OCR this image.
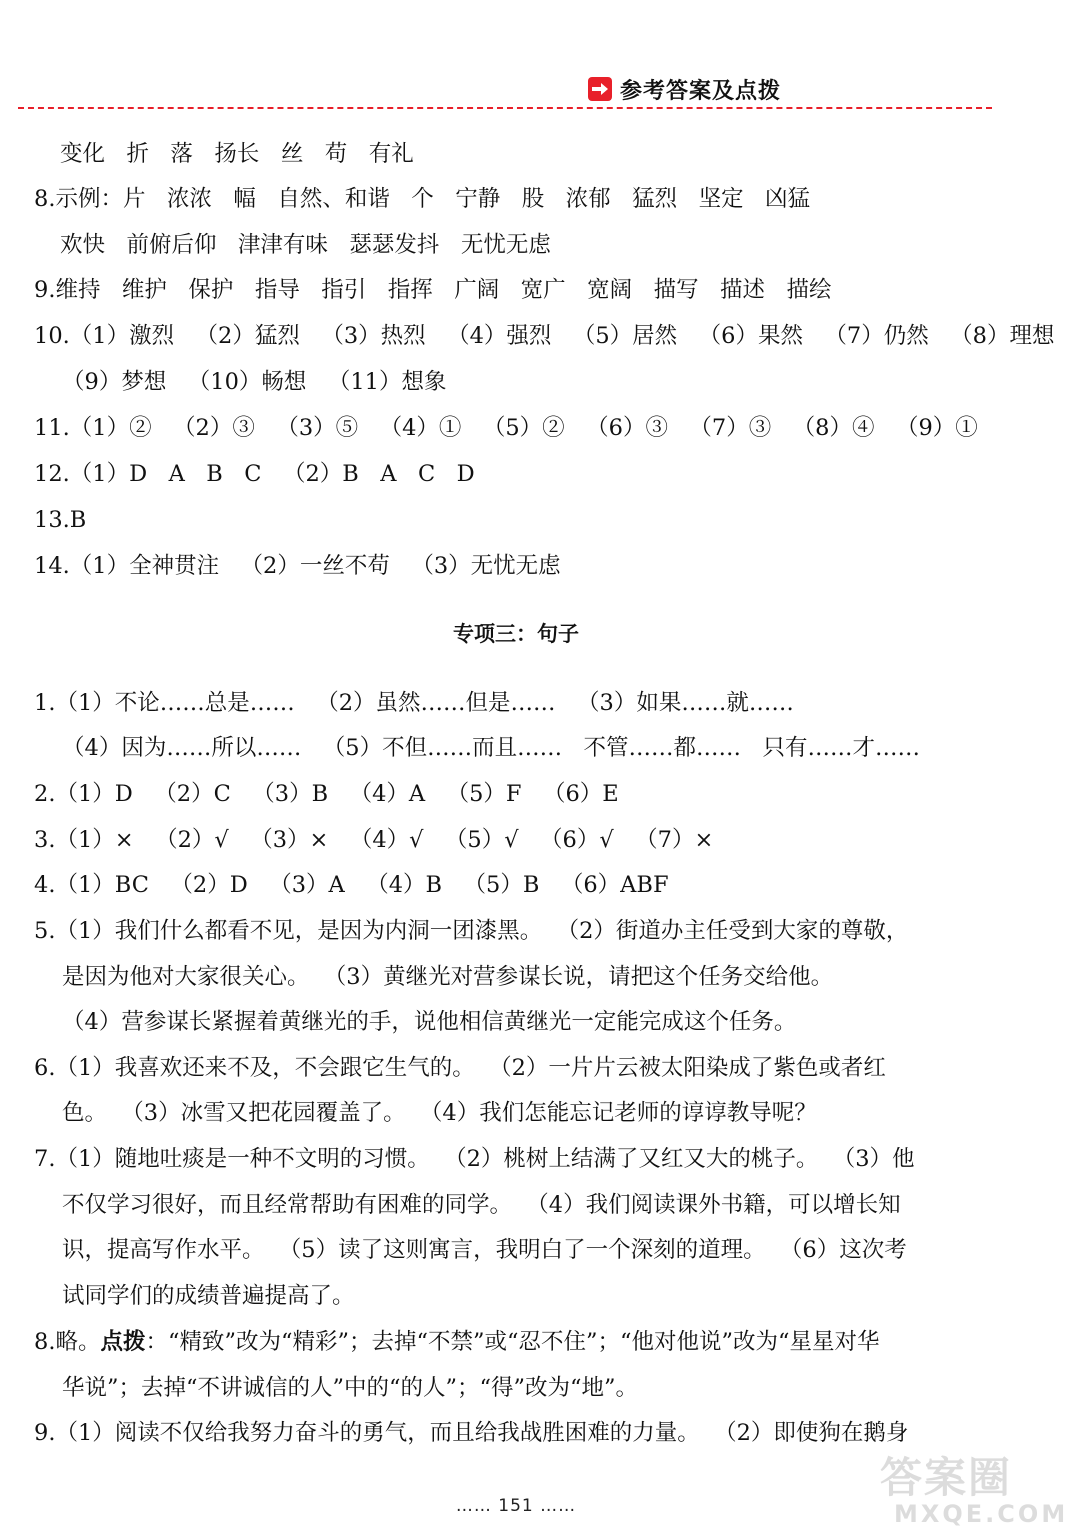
参考答案及点拨
变化   折   落   扬长   丝   苟   有礼
8.示例：片   浓浓   幅   自然、和谐   个   宁静   股   浓郁   猛烈   坚定   凶猛
欢快   前俯后仰   津津有味   瑟瑟发抖   无忧无虑
9.维持   维护   保护   指导   指引   指挥   广阔   宽广   宽阔   描写   描述   描绘
10.（1）激烈   （2）猛烈   （3）热烈   （4）强烈   （5）居然   （6）果然   （7）仍然   （8）理想
（9）梦想   （10）畅想   （11）想象
11.（1）②   （2）③   （3）⑤   （4）①   （5）②   （6）③   （7）③   （8）④   （9）①
12.（1）D   A   B   C   （2）B   A   C   D
13.B
14.（1）全神贯注   （2）一丝不苟   （3）无忧无虑
专项三：句子
1.（1）不论……总是……   （2）虽然……但是……   （3）如果……就……
（4）因为……所以……   （5）不但……而且……   不管……都……   只有……才……
2.（1）D   （2）C   （3）B   （4）A   （5）F   （6）E
3.（1）×   （2）√   （3）×   （4）√   （5）√   （6）√   （7）×
4.（1）BC   （2）D   （3）A   （4）B   （5）B   （6）ABF
5.（1）我们什么都看不见，是因为内洞一团漆黑。  （2）街道办主任受到大家的尊敬，
是因为他对大家很关心。  （3）黄继光对营参谋长说，请把这个任务交给他。
（4）营参谋长紧握着黄继光的手，说他相信黄继光一定能完成这个任务。
6.（1）我喜欢还来不及，不会跟它生气的。  （2）一片片云被太阳染成了紫色或者红
色。  （3）冰雪又把花园覆盖了。  （4）我们怎能忘记老师的谆谆教导呢？
7.（1）随地吐痰是一种不文明的习惯。  （2）桃树上结满了又红又大的桃子。  （3）他
不仅学习很好，而且经常帮助有困难的同学。  （4）我们阅读课外书籍，可以增长知
识，提高写作水平。  （5）读了这则寓言，我明白了一个深刻的道理。  （6）这次考
试同学们的成绩普遍提高了。
8.略。点拨：“精致”改为“精彩”；去掉“不禁”或“忍不住”；“他对他说”改为“星星对华
华说”；去掉“不讲诚信的人”中的“的人”；“得”改为“地”。
9.（1）阅读不仅给我努力奋斗的勇气，而且给我战胜困难的力量。  （2）即使狗在鹅身
…… 151 ……
答案圈
MXQE.COM
